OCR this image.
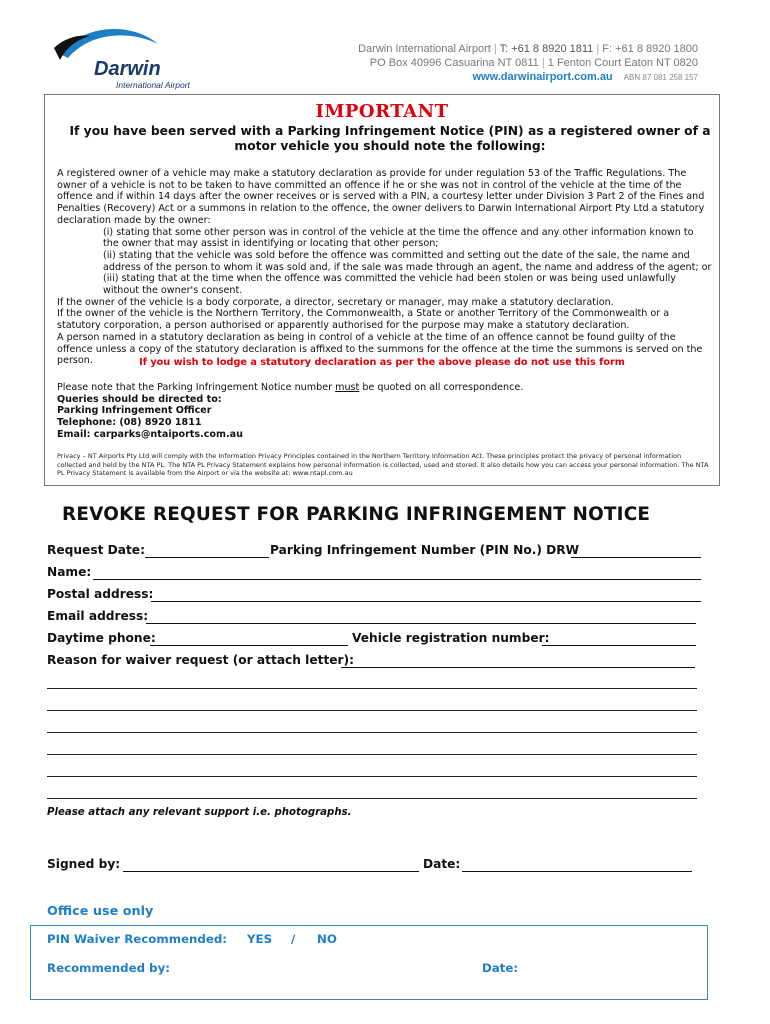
Darwin
International Airport
Darwin International Airport | T: +61 8 8920 1811 | F: +61 8 8920 1800
PO Box 40996 Casuarina NT 0811 | 1 Fenton Court Eaton NT 0820
www.darwinairport.com.au ABN 87 081 258 157
IMPORTANT
If you have been served with a Parking Infringement Notice (PIN) as a registered owner of a motor vehicle you should note the following:

A registered owner of a vehicle may make a statutory declaration as provide for under regulation 53 of the Traffic Regulations. The owner of a vehicle is not to be taken to have committed an offence if he or she was not in control of the vehicle at the time of the offence and if within 14 days after the owner receives or is served with a PIN, a courtesy letter under Division 3 Part 2 of the Fines and Penalties (Recovery) Act or a summons in relation to the offence, the owner delivers to Darwin International Airport Pty Ltd a statutory declaration made by the owner:

(i) stating that some other person was in control of the vehicle at the time the offence and any other information known to the owner that may assist in identifying or locating that other person;

(ii) stating that the vehicle was sold before the offence was committed and setting out the date of the sale, the name and address of the person to whom it was sold and, if the sale was made through an agent, the name and address of the agent; or

(iii) stating that at the time when the offence was committed the vehicle had been stolen or was being used unlawfully without the owner's consent.

If the owner of the vehicle is a body corporate, a director, secretary or manager, may make a statutory declaration.

If the owner of the vehicle is the Northern Territory, the Commonwealth, a State or another Territory of the Commonwealth or a statutory corporation, a person authorised or apparently authorised for the purpose may make a statutory declaration.

A person named in a statutory declaration as being in control of a vehicle at the time of an offence cannot be found guilty of the offence unless a copy of the statutory declaration is affixed to the summons for the offence at the time the summons is served on the person.	If you wish to lodge a statutory declaration as per the above please do not use this form

Please note that the Parking Infringement Notice number must be quoted on all correspondence.

Queries should be directed to:

Parking Infringement Officer

Telephone: (08) 8920 1811

Email: carparks@ntaiports.com.au

Privacy – NT Airports Pty Ltd will comply with the Information Privacy Principles contained in the Northern Territory Information Act. These principles protect the privacy of personal information collected and held by the NTA PL. The NTA PL Privacy Statement explains how personal information is collected, used and stored. It also details how you can access your personal information. The NTA PL Privacy Statement is available from the Airport or via the website at: www.ntapl.com.au
REVOKE REQUEST FOR PARKING INFRINGEMENT NOTICE
Request Date:	Parking Infringement Number (PIN No.) DRW
Name:
Postal address:
Email address:
Daytime phone:	Vehicle registration number:
Reason for waiver request (or attach letter):
Please attach any relevant support i.e. photographs.
Signed by:	Date:
Office use only
PIN Waiver Recommended: YES / NO
Recommended by:	Date:
